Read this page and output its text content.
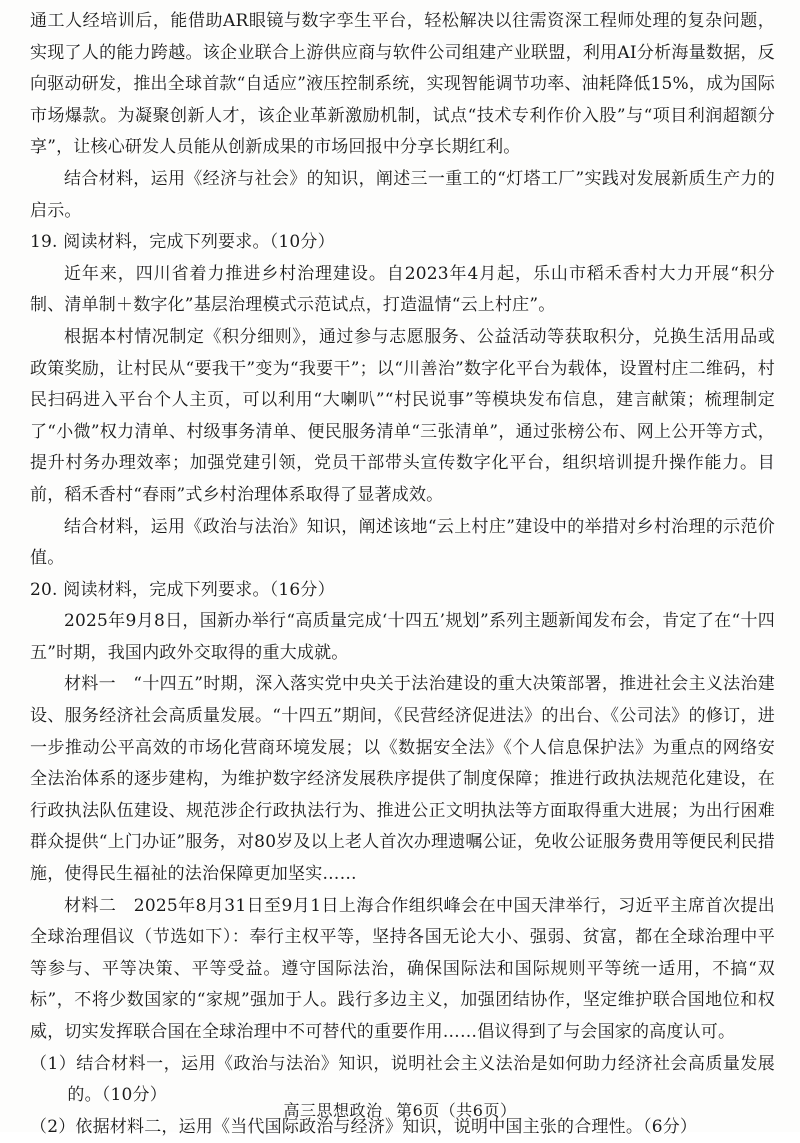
通工人经培训后，能借助AR眼镜与数字孪生平台，轻松解决以往需资深工程师处理的复杂问题，实现了人的能力跨越。该企业联合上游供应商与软件公司组建产业联盟，利用AI分析海量数据，反向驱动研发，推出全球首款“自适应”液压控制系统，实现智能调节功率、油耗降低15%，成为国际市场爆款。为凝聚创新人才，该企业革新激励机制，试点“技术专利作价入股”与“项目利润超额分享”，让核心研发人员能从创新成果的市场回报中分享长期红利。

结合材料，运用《经济与社会》的知识，阐述三一重工的“灯塔工厂”实践对发展新质生产力的启示。

19. 阅读材料，完成下列要求。（10分）

近年来，四川省着力推进乡村治理建设。自2023年4月起，乐山市稻禾香村大力开展“积分制、清单制＋数字化”基层治理模式示范试点，打造温情“云上村庄”。

根据本村情况制定《积分细则》，通过参与志愿服务、公益活动等获取积分，兑换生活用品或政策奖励，让村民从“要我干”变为“我要干”；以“川善治”数字化平台为载体，设置村庄二维码，村民扫码进入平台个人主页，可以利用“大喇叭”“村民说事”等模块发布信息，建言献策；梳理制定了“小微”权力清单、村级事务清单、便民服务清单“三张清单”，通过张榜公布、网上公开等方式，提升村务办理效率；加强党建引领，党员干部带头宣传数字化平台，组织培训提升操作能力。目前，稻禾香村“春雨”式乡村治理体系取得了显著成效。

结合材料，运用《政治与法治》知识，阐述该地“云上村庄”建设中的举措对乡村治理的示范价值。

20. 阅读材料，完成下列要求。（16分）

2025年9月8日，国新办举行“高质量完成‘十四五’规划”系列主题新闻发布会，肯定了在“十四五”时期，我国内政外交取得的重大成就。

材料一　“十四五”时期，深入落实党中央关于法治建设的重大决策部署，推进社会主义法治建设、服务经济社会高质量发展。“十四五”期间，《民营经济促进法》的出台、《公司法》的修订，进一步推动公平高效的市场化营商环境发展；以《数据安全法》《个人信息保护法》为重点的网络安全法治体系的逐步建构，为维护数字经济发展秩序提供了制度保障；推进行政执法规范化建设，在行政执法队伍建设、规范涉企行政执法行为、推进公正文明执法等方面取得重大进展；为出行困难群众提供“上门办证”服务，对80岁及以上老人首次办理遗嘱公证，免收公证服务费用等便民利民措施，使得民生福祉的法治保障更加坚实……

材料二　2025年8月31日至9月1日上海合作组织峰会在中国天津举行，习近平主席首次提出全球治理倡议（节选如下）：奉行主权平等，坚持各国无论大小、强弱、贫富，都在全球治理中平等参与、平等决策、平等受益。遵守国际法治，确保国际法和国际规则平等统一适用，不搞“双标”，不将少数国家的“家规”强加于人。践行多边主义，加强团结协作，坚定维护联合国地位和权威，切实发挥联合国在全球治理中不可替代的重要作用……倡议得到了与会国家的高度认可。

（1）结合材料一，运用《政治与法治》知识，说明社会主义法治是如何助力经济社会高质量发展的。（10分）

（2）依据材料二，运用《当代国际政治与经济》知识，说明中国主张的合理性。（6分）

高三思想政治 第6页（共6页）
